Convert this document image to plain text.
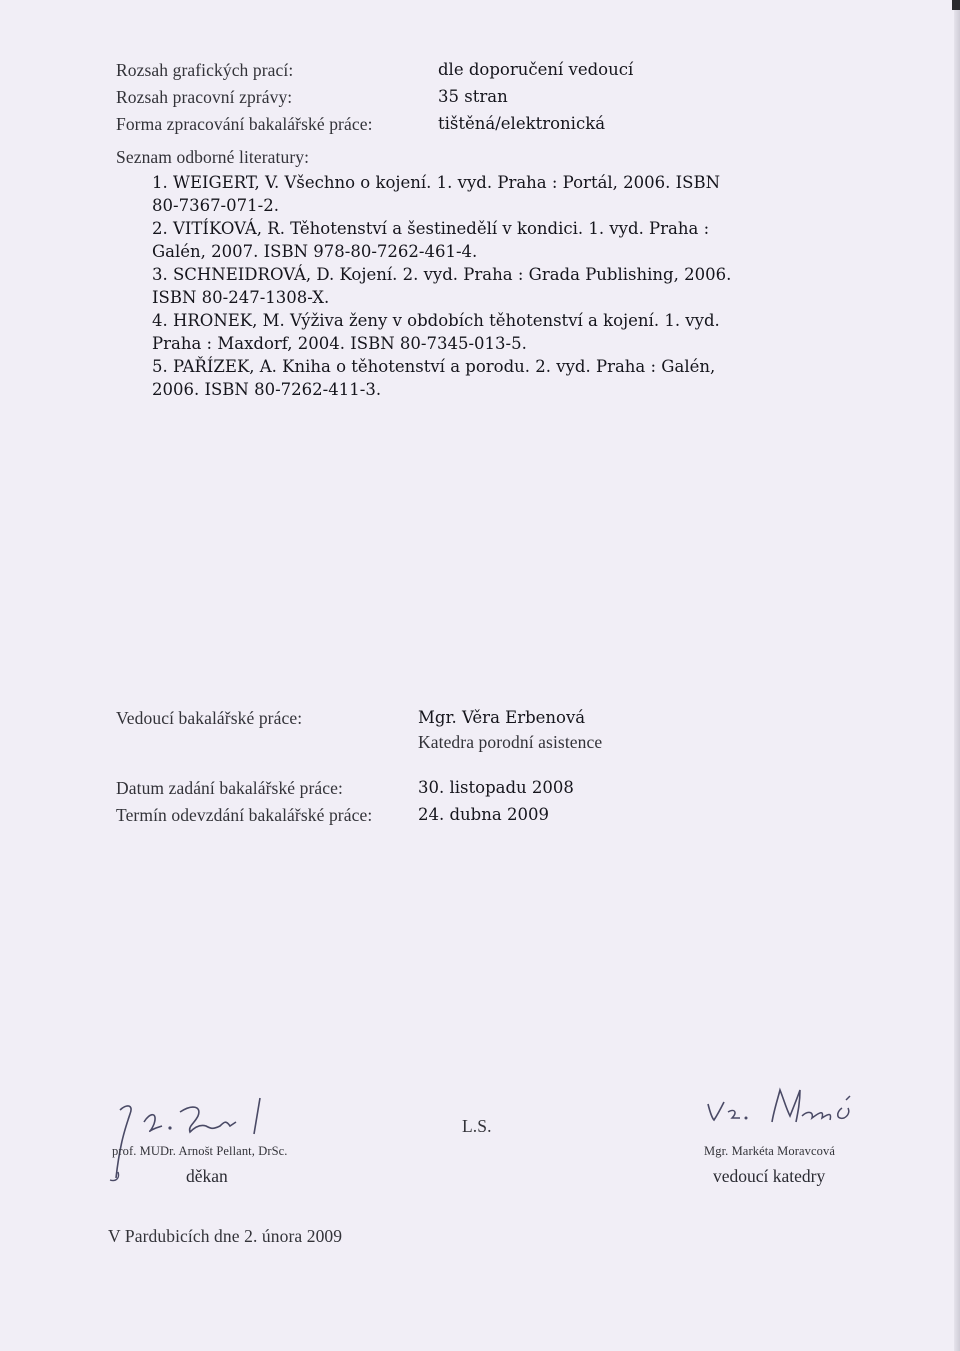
Rozsah grafických prací:	dle doporučení vedoucí
Rozsah pracovní zprávy:	35 stran
Forma zpracování bakalářské práce:	tištěná/elektronická
Seznam odborné literatury:
1. WEIGERT, V. Všechno o kojení. 1. vyd. Praha : Portál, 2006. ISBN
80-7367-071-2.
2. VITÍKOVÁ, R. Těhotenství a šestinedělí v kondici. 1. vyd. Praha :
Galén, 2007. ISBN 978-80-7262-461-4.
3. SCHNEIDROVÁ, D. Kojení. 2. vyd. Praha : Grada Publishing, 2006.
ISBN 80-247-1308-X.
4. HRONEK, M. Výživa ženy v obdobích těhotenství a kojení. 1. vyd.
Praha : Maxdorf, 2004. ISBN 80-7345-013-5.
5. PAŘÍZEK, A. Kniha o těhotenství a porodu. 2. vyd. Praha : Galén,
2006. ISBN 80-7262-411-3.
Vedoucí bakalářské práce:	Mgr. Věra Erbenová
Katedra porodní asistence
Datum zadání bakalářské práce:	30. listopadu 2008
Termín odevzdání bakalářské práce:	24. dubna 2009
prof. MUDr. Arnošt Pellant, DrSc.
děkan
L.S.
Mgr. Markéta Moravcová
vedoucí katedry
V Pardubicích dne 2. února 2009
